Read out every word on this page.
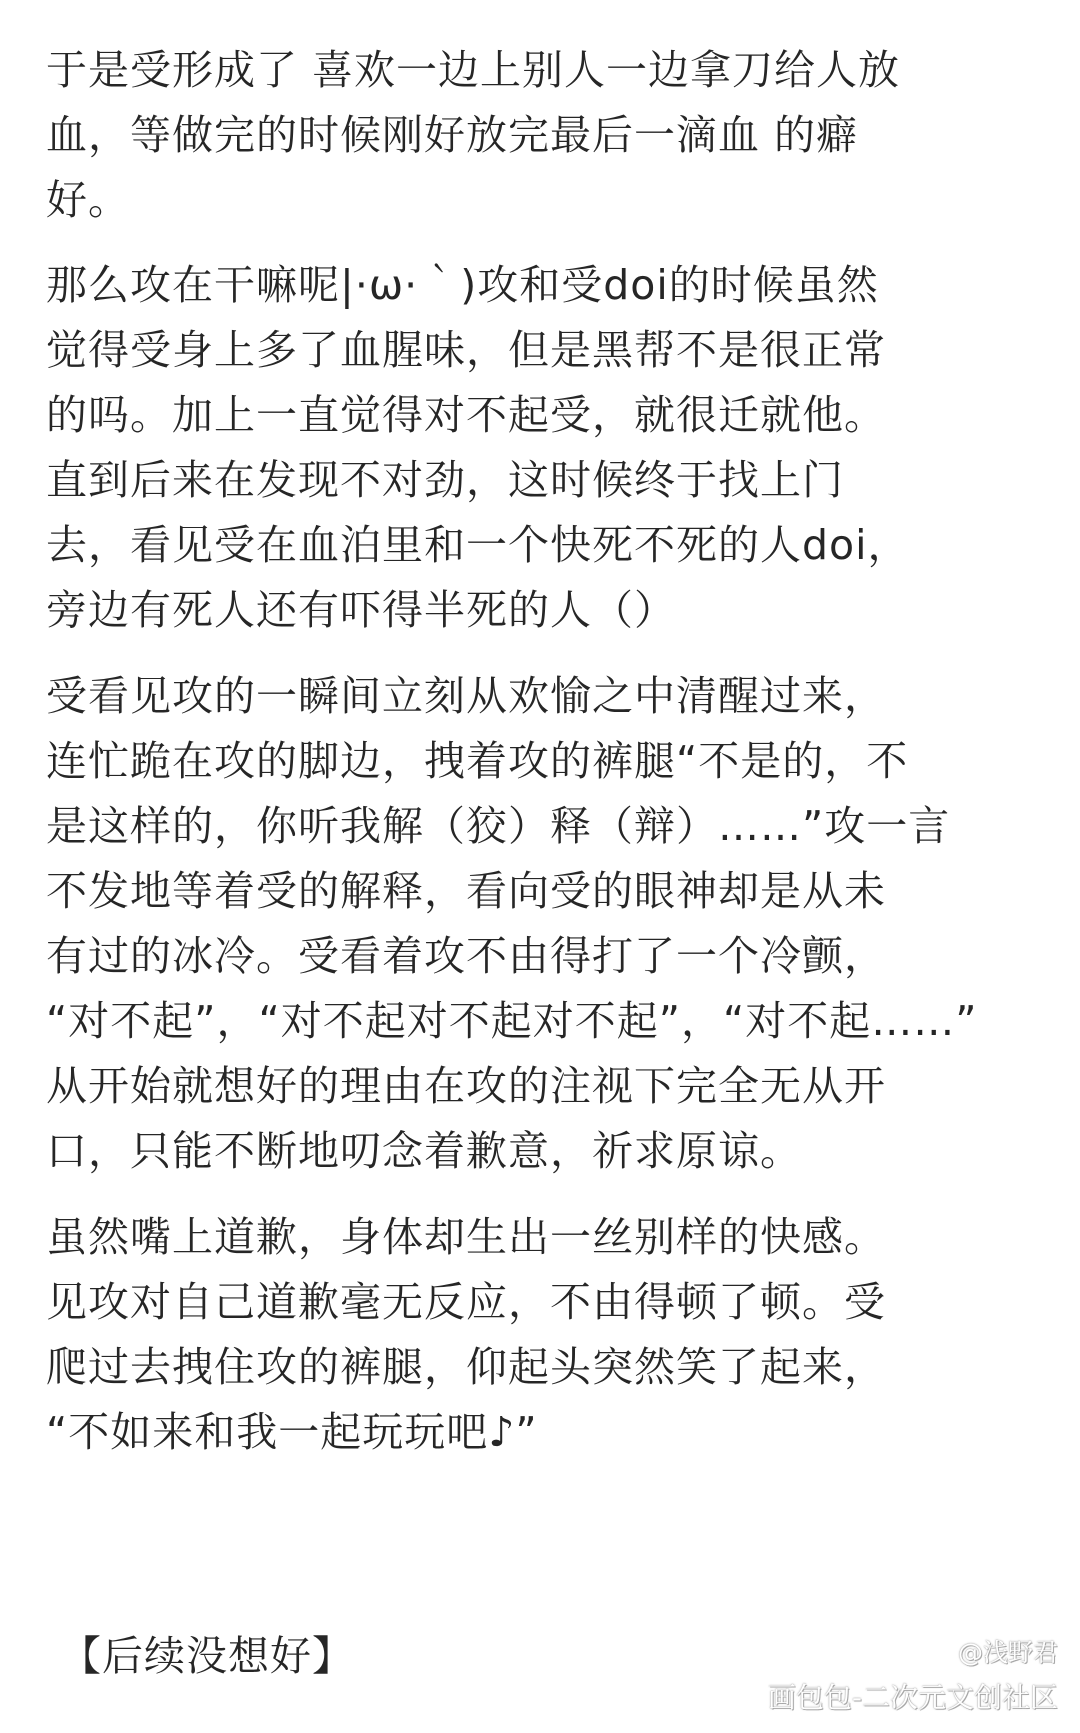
于是受形成了 喜欢一边上别人一边拿刀给人放
血，等做完的时候刚好放完最后一滴血 的癖
好。

那么攻在干嘛呢|·ω·｀)攻和受doi的时候虽然
觉得受身上多了血腥味，但是黑帮不是很正常
的吗。加上一直觉得对不起受，就很迁就他。
直到后来在发现不对劲，这时候终于找上门
去，看见受在血泊里和一个快死不死的人doi，
旁边有死人还有吓得半死的人（）

受看见攻的一瞬间立刻从欢愉之中清醒过来，
连忙跪在攻的脚边，拽着攻的裤腿“不是的，不
是这样的，你听我解（狡）释（辩）……”攻一言
不发地等着受的解释，看向受的眼神却是从未
有过的冰冷。受看着攻不由得打了一个冷颤，
“对不起”，“对不起对不起对不起”，“对不起……”
从开始就想好的理由在攻的注视下完全无从开
口，只能不断地叨念着歉意，祈求原谅。

虽然嘴上道歉，身体却生出一丝别样的快感。
见攻对自己道歉毫无反应，不由得顿了顿。受
爬过去拽住攻的裤腿，仰起头突然笑了起来，
“不如来和我一起玩玩吧♪”

【后续没想好】	@浅野君
画包包-二次元文创社区
